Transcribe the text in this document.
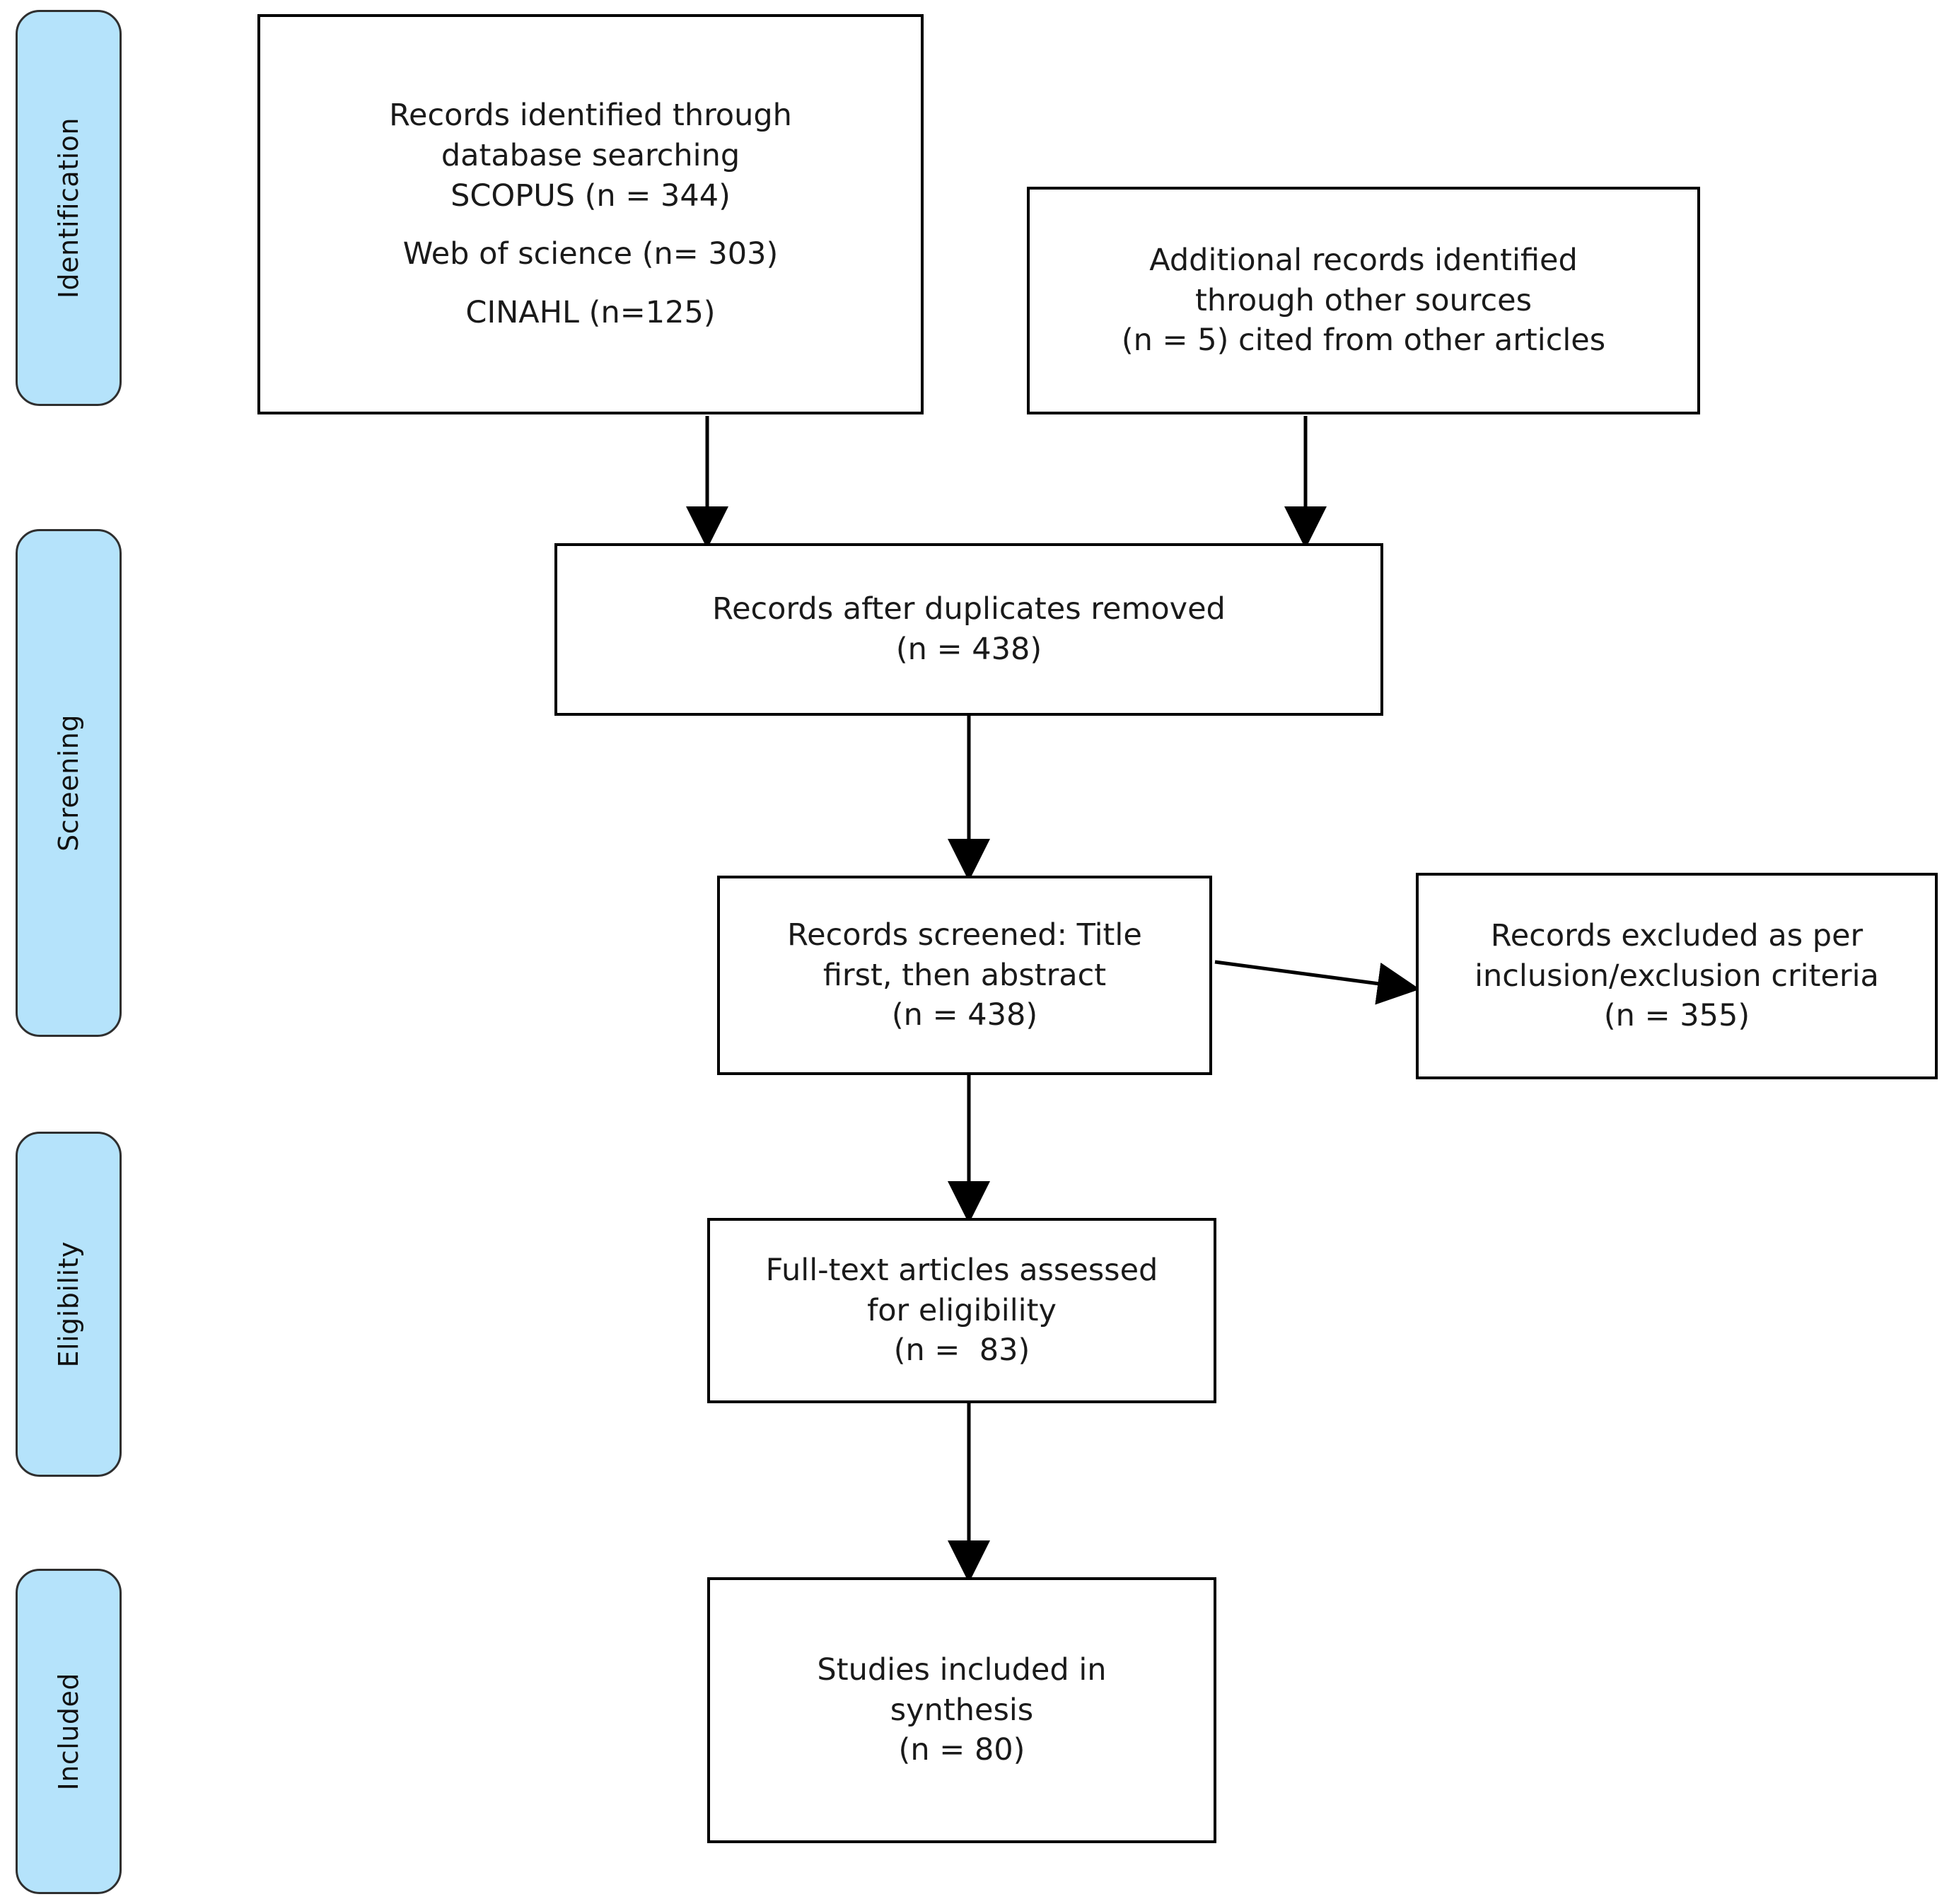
Identification
Screening
Eligibility
Included
Records identified through
database searching
SCOPUS (n = 344)
Web of science (n= 303)
CINAHL (n=125)
Additional records identified
through other sources
(n = 5) cited from other articles
Records after duplicates removed
(n = 438)
Records screened: Title
first, then abstract
(n = 438)
Records excluded as per
inclusion/exclusion criteria
(n = 355)
Full-text articles assessed
for eligibility
(n =  83)
Studies included in
synthesis
(n = 80)
